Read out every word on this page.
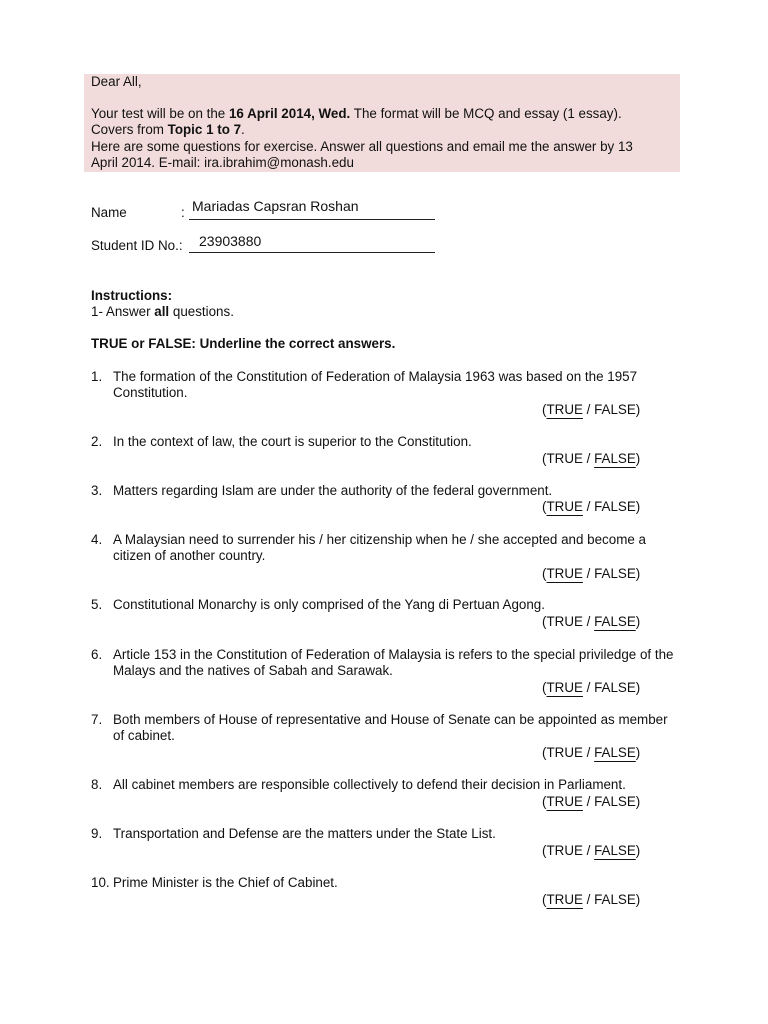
Dear All,

Your test will be on the 16 April 2014, Wed. The format will be MCQ and essay (1 essay).

Covers from Topic 1 to 7.

Here are some questions for exercise. Answer all questions and email me the answer by 13

April 2014. E-mail: ira.ibrahim@monash.edu

Name	: Mariadas Capsran Roshan
Student ID No.: 23903880

Instructions:

1- Answer all questions.

TRUE or FALSE: Underline the correct answers.
1. The formation of the Constitution of Federation of Malaysia 1963 was based on the 1957 Constitution.
(TRUE / FALSE)
2. In the context of law, the court is superior to the Constitution.
(TRUE / FALSE)
3. Matters regarding Islam are under the authority of the federal government.
(TRUE / FALSE)
4. A Malaysian need to surrender his / her citizenship when he / she accepted and become a citizen of another country.
(TRUE / FALSE)
5. Constitutional Monarchy is only comprised of the Yang di Pertuan Agong.
(TRUE / FALSE)
6. Article 153 in the Constitution of Federation of Malaysia is refers to the special priviledge of the Malays and the natives of Sabah and Sarawak.
(TRUE / FALSE)
7. Both members of House of representative and House of Senate can be appointed as member of cabinet.
(TRUE / FALSE)
8. All cabinet members are responsible collectively to defend their decision in Parliament.
(TRUE / FALSE)
9. Transportation and Defense are the matters under the State List.
(TRUE / FALSE)
10. Prime Minister is the Chief of Cabinet.
(TRUE / FALSE)
